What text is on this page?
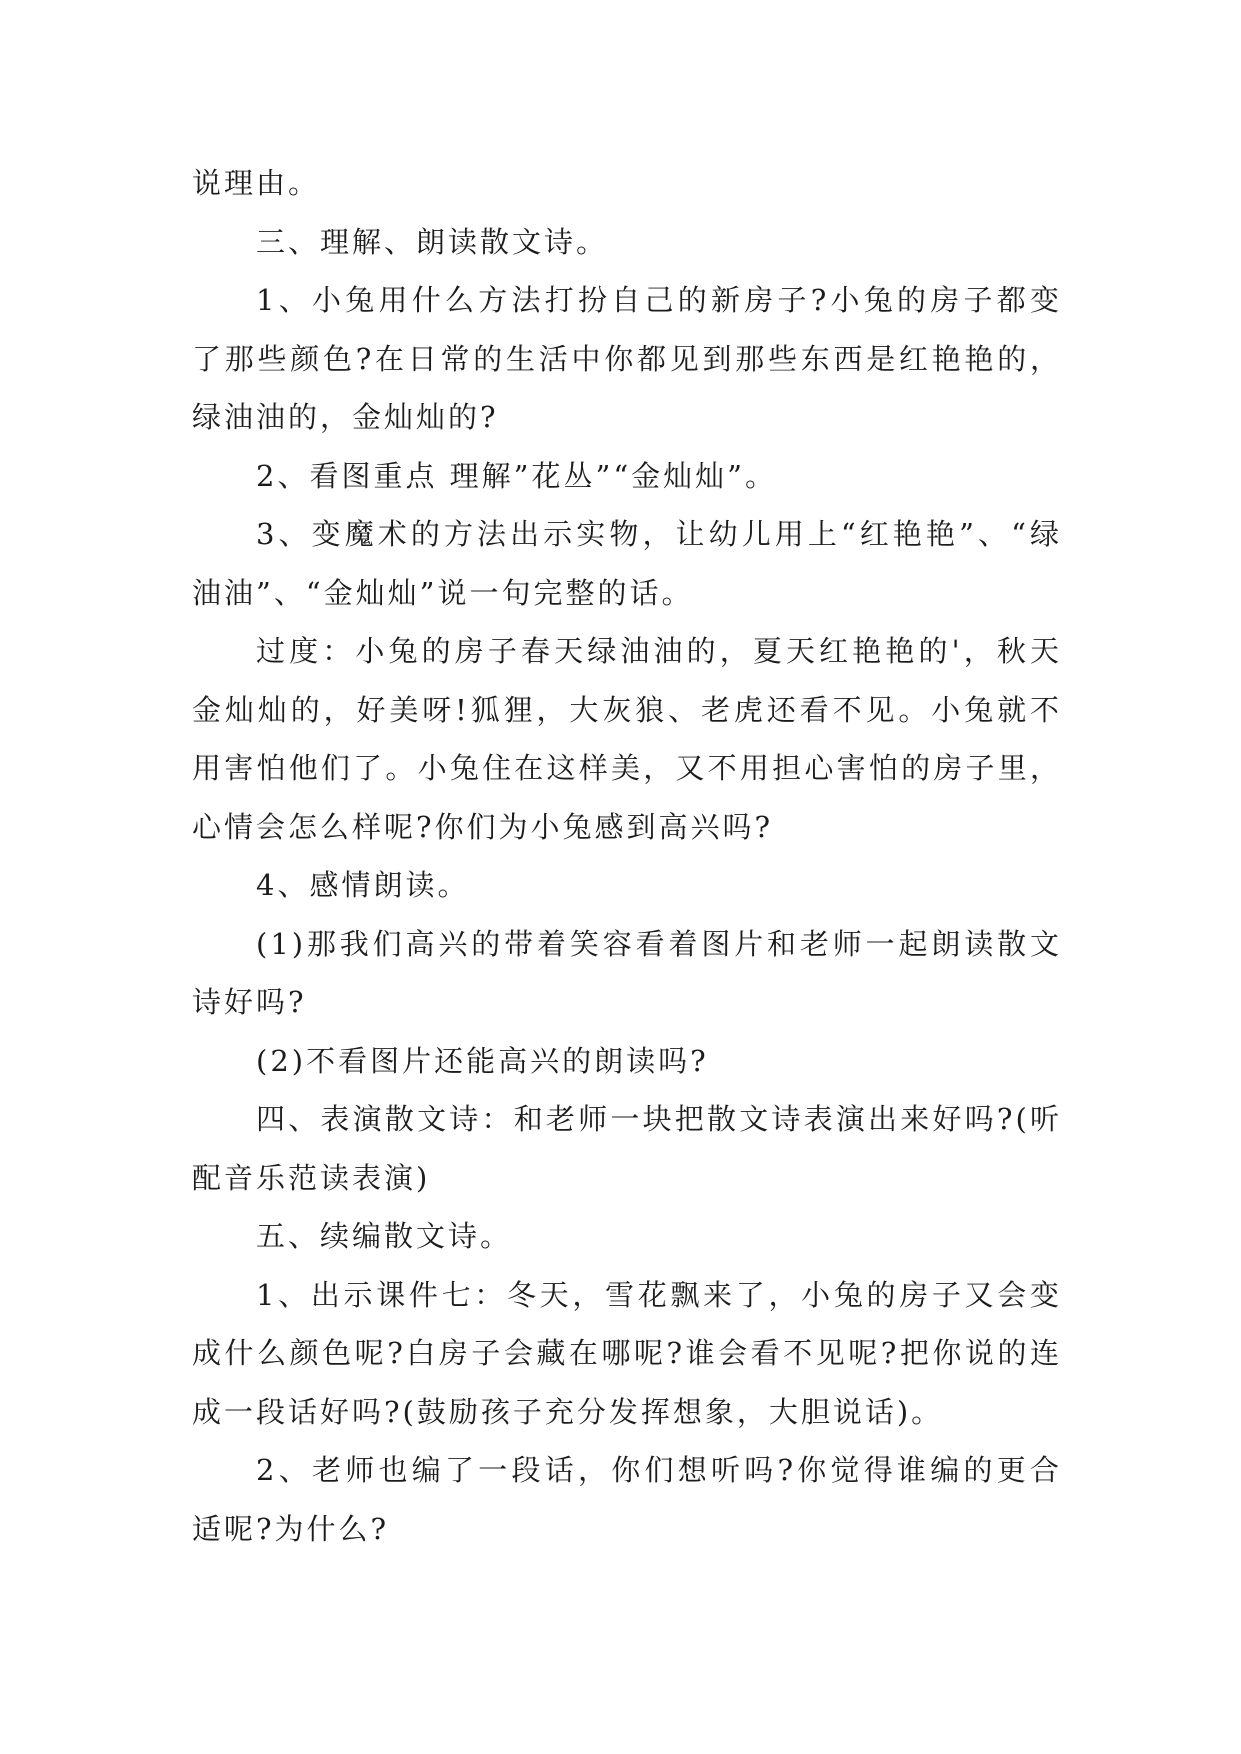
说理由。

三、理解、朗读散文诗。

1、小兔用什么方法打扮自己的新房子?小兔的房子都变了那些颜色?在日常的生活中你都见到那些东西是红艳艳的，绿油油的，金灿灿的?

2、看图重点 理解”花丛”“金灿灿”。

3、变魔术的方法出示实物，让幼儿用上“红艳艳”、“绿油油”、“金灿灿”说一句完整的话。

过度：小兔的房子春天绿油油的，夏天红艳艳的'，秋天金灿灿的，好美呀!狐狸，大灰狼、老虎还看不见。小兔就不用害怕他们了。小兔住在这样美，又不用担心害怕的房子里，心情会怎么样呢?你们为小兔感到高兴吗?

4、感情朗读。

(1)那我们高兴的带着笑容看着图片和老师一起朗读散文诗好吗?

(2)不看图片还能高兴的朗读吗?

四、表演散文诗：和老师一块把散文诗表演出来好吗?(听配音乐范读表演)

五、续编散文诗。

1、出示课件七：冬天，雪花飘来了，小兔的房子又会变成什么颜色呢?白房子会藏在哪呢?谁会看不见呢?把你说的连成一段话好吗?(鼓励孩子充分发挥想象，大胆说话)。

2、老师也编了一段话，你们想听吗?你觉得谁编的更合适呢?为什么?
